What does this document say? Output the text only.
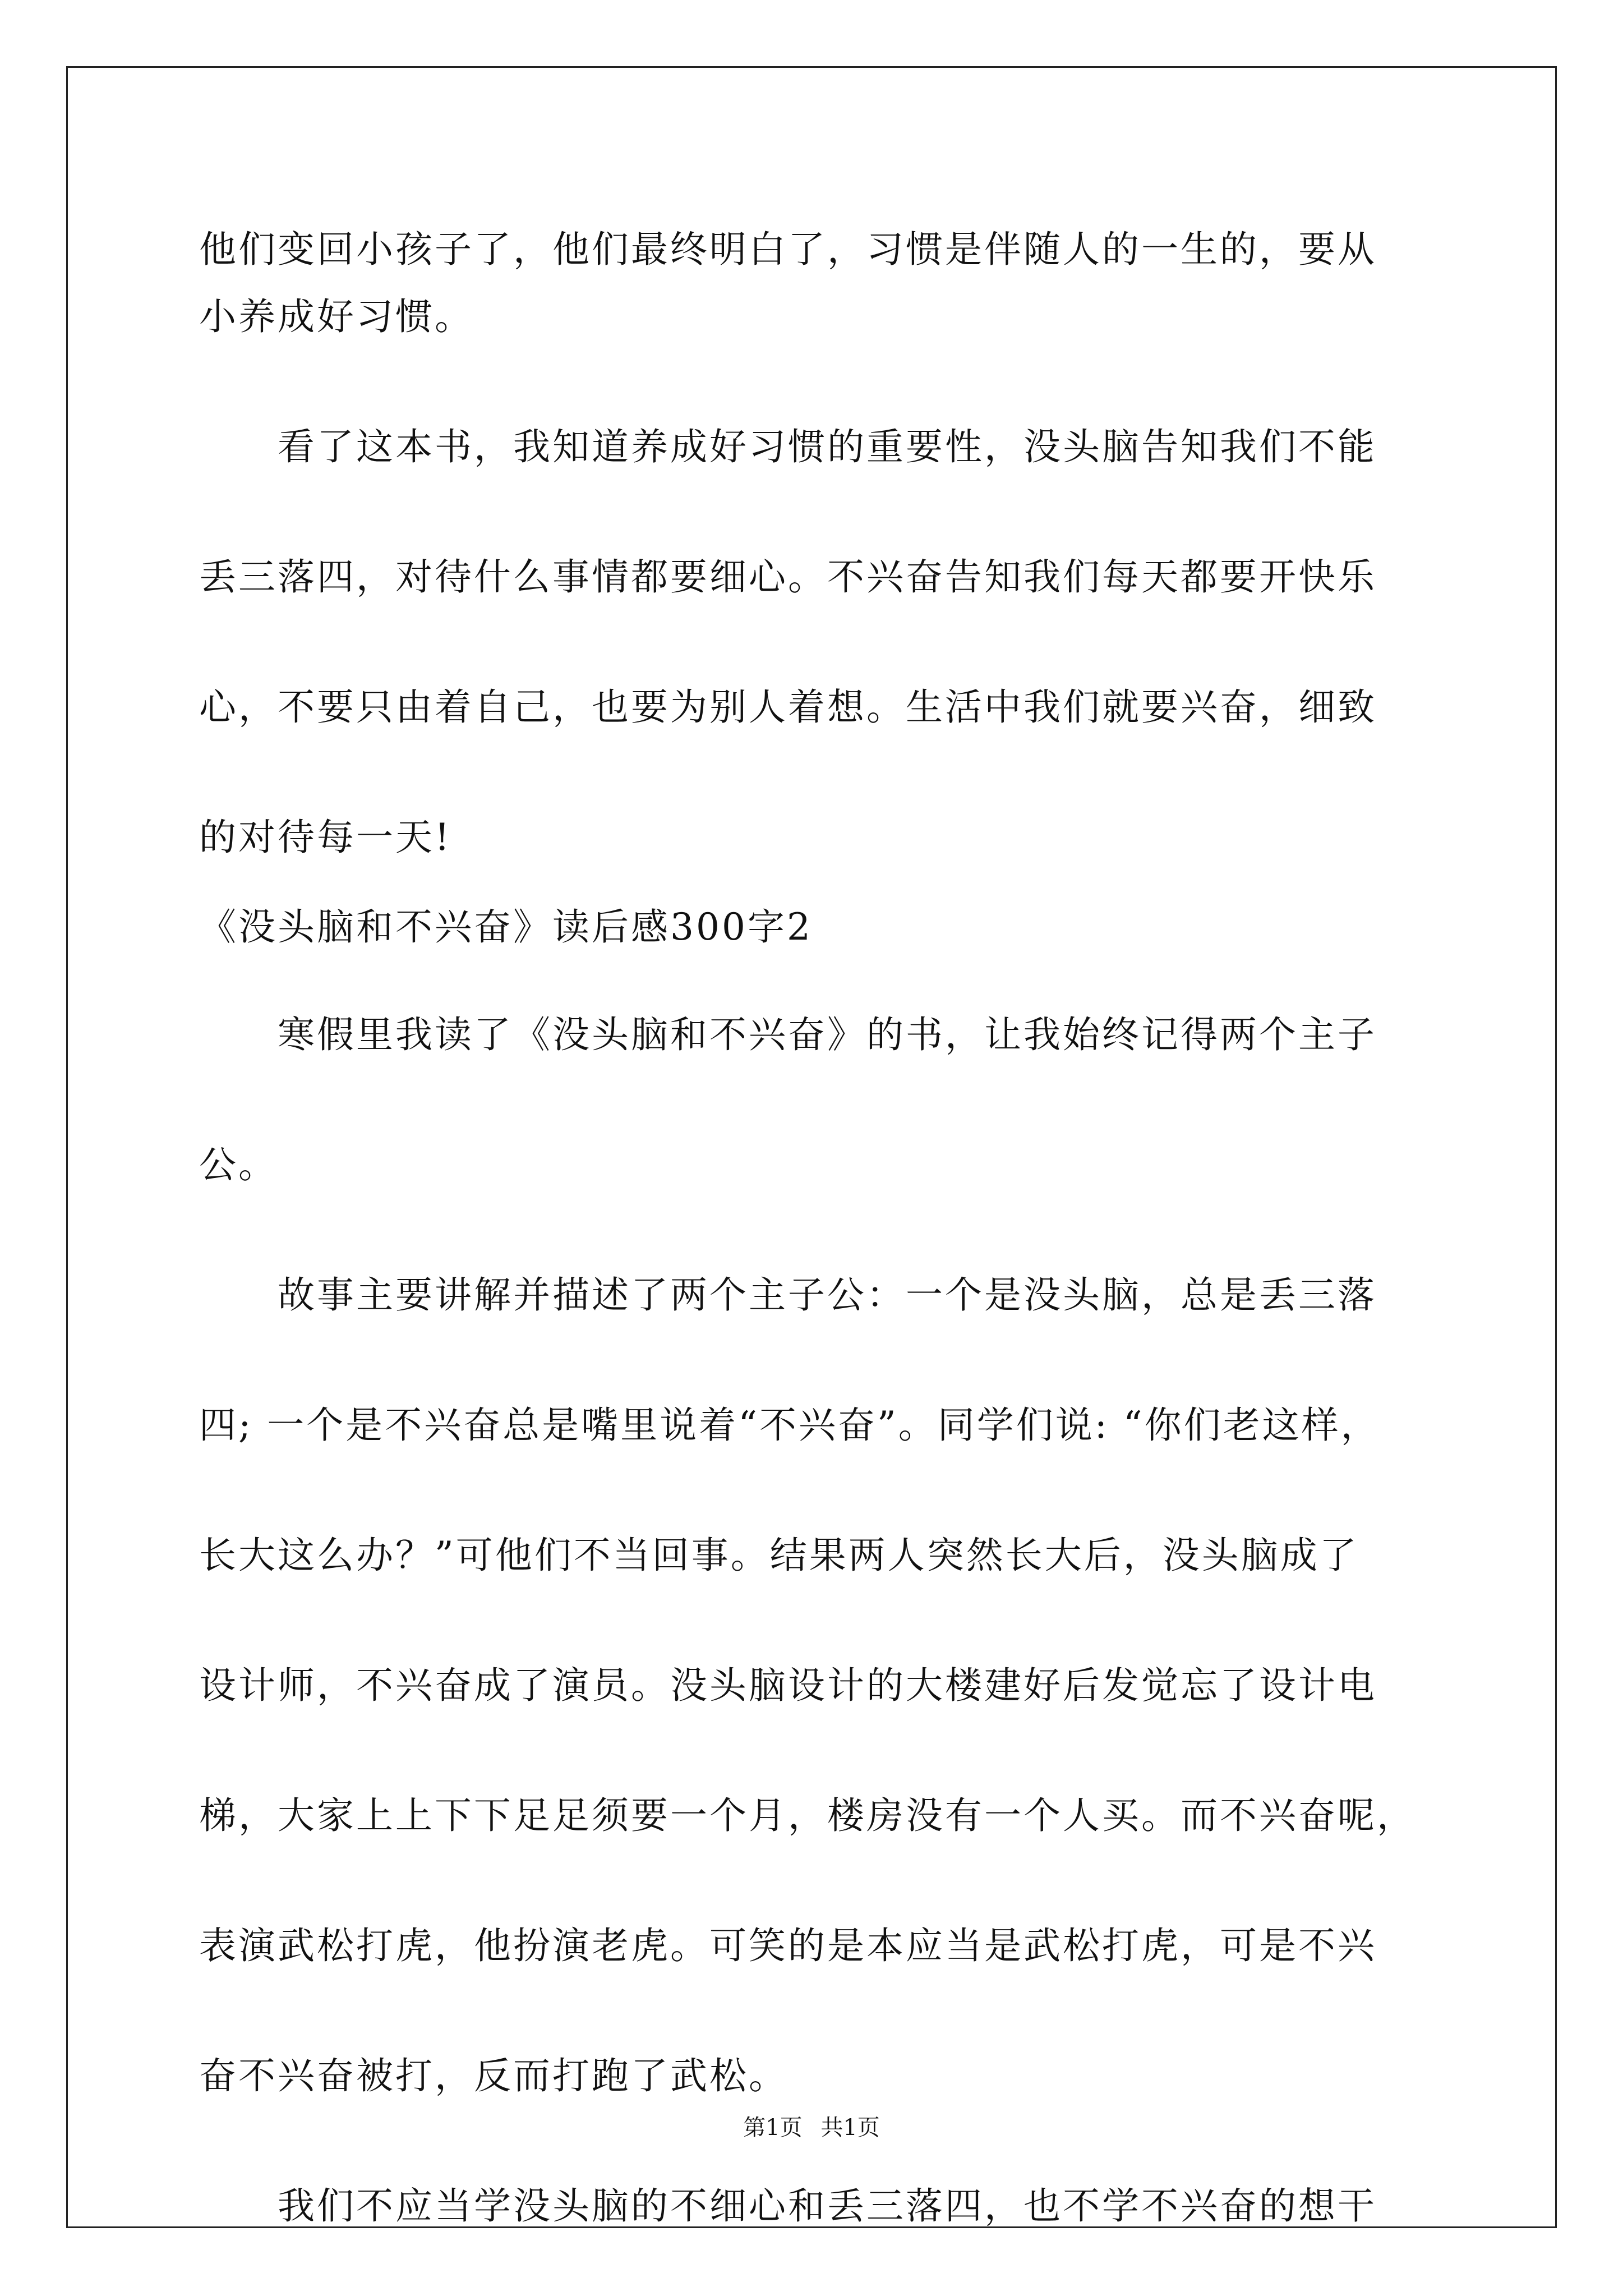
他们变回小孩子了，他们最终明白了，习惯是伴随人的一生的，要从
小养成好习惯。
看了这本书，我知道养成好习惯的重要性，没头脑告知我们不能
丢三落四，对待什么事情都要细心。不兴奋告知我们每天都要开快乐
心，不要只由着自己，也要为别人着想。生活中我们就要兴奋，细致
的对待每一天!
《没头脑和不兴奋》读后感300字2
寒假里我读了《没头脑和不兴奋》的书，让我始终记得两个主子
公。
故事主要讲解并描述了两个主子公：一个是没头脑，总是丢三落
四; 一个是不兴奋总是嘴里说着“不兴奋”。同学们说: “你们老这样，
长大这么办？”可他们不当回事。结果两人突然长大后，没头脑成了
设计师，不兴奋成了演员。没头脑设计的大楼建好后发觉忘了设计电
梯，大家上上下下足足须要一个月，楼房没有一个人买。而不兴奋呢，
表演武松打虎，他扮演老虎。可笑的是本应当是武松打虎，可是不兴
奋不兴奋被打，反而打跑了武松。
我们不应当学没头脑的不细心和丢三落四，也不学不兴奋的想干
第1页 共1页
